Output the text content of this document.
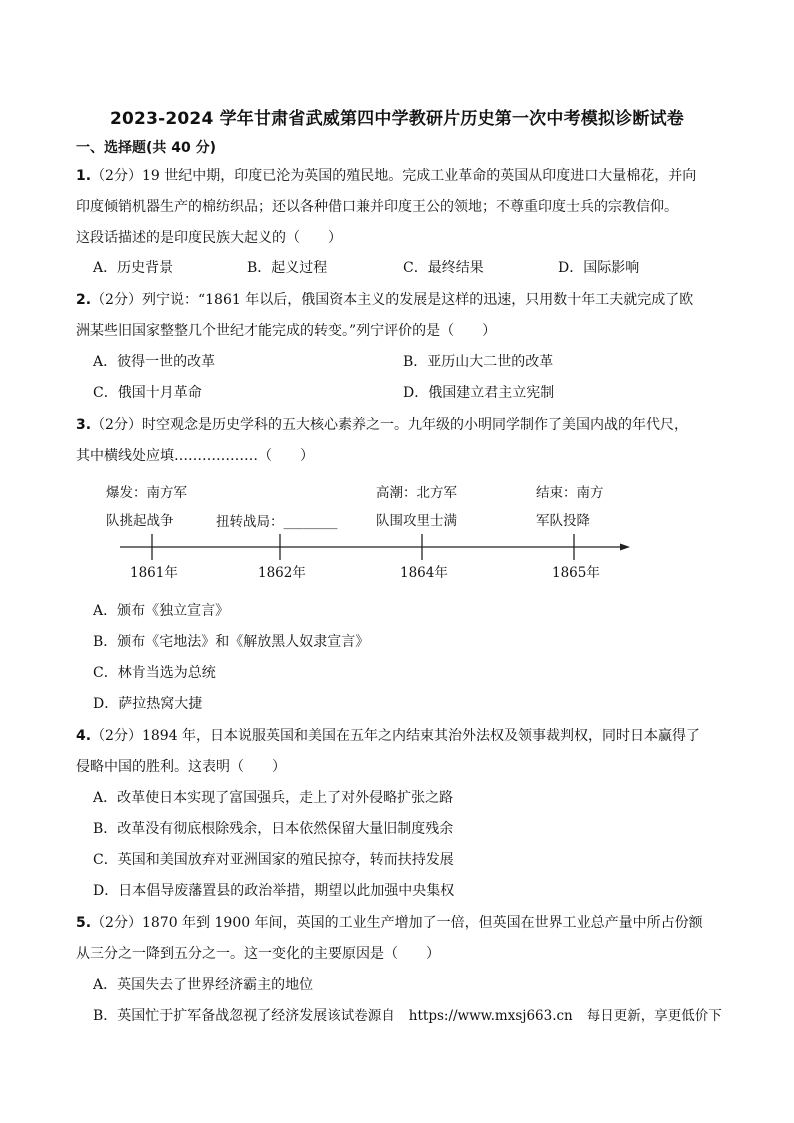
2023-2024 学年甘肃省武威第四中学教研片历史第一次中考模拟诊断试卷
一、选择题(共 40 分)
1.（2分）19 世纪中期，印度已沦为英国的殖民地。完成工业革命的英国从印度进口大量棉花，并向
印度倾销机器生产的棉纺织品；还以各种借口兼并印度王公的领地；不尊重印度士兵的宗教信仰。
这段话描述的是印度民族大起义的（　　）
A．历史背景	B．起义过程	C．最终结果	D．国际影响
2.（2分）列宁说：“1861 年以后，俄国资本主义的发展是这样的迅速，只用数十年工夫就完成了欧
洲某些旧国家整整几个世纪才能完成的转变。”列宁评价的是（　　）
A．彼得一世的改革	B．亚历山大二世的改革
C．俄国十月革命	D．俄国建立君主立宪制
3.（2分）时空观念是历史学科的五大核心素养之一。九年级的小明同学制作了美国内战的年代尺，
其中横线处应填………………（　　）
爆发：南方军
队挑起战争	扭转战局：________
高潮：北方军
队围攻里士满
结束：南方
军队投降
1861年	1862年	1864年	1865年
A．颁布《独立宣言》
B．颁布《宅地法》和《解放黑人奴隶宣言》
C．林肯当选为总统
D．萨拉热窝大捷
4.（2分）1894 年，日本说服英国和美国在五年之内结束其治外法权及领事裁判权，同时日本赢得了
侵略中国的胜利。这表明（　　）
A．改革使日本实现了富国强兵，走上了对外侵略扩张之路
B．改革没有彻底根除残余，日本依然保留大量旧制度残余
C．英国和美国放弃对亚洲国家的殖民掠夺，转而扶持发展
D．日本倡导废藩置县的政治举措，期望以此加强中央集权
5.（2分）1870 年到 1900 年间，英国的工业生产增加了一倍，但英国在世界工业总产量中所占份额
从三分之一降到五分之一。这一变化的主要原因是（　　）
A．英国失去了世界经济霸主的地位
B．英国忙于扩军备战忽视了经济发展该试卷源自 https://www.mxsj663.cn 每日更新，享更低价下
